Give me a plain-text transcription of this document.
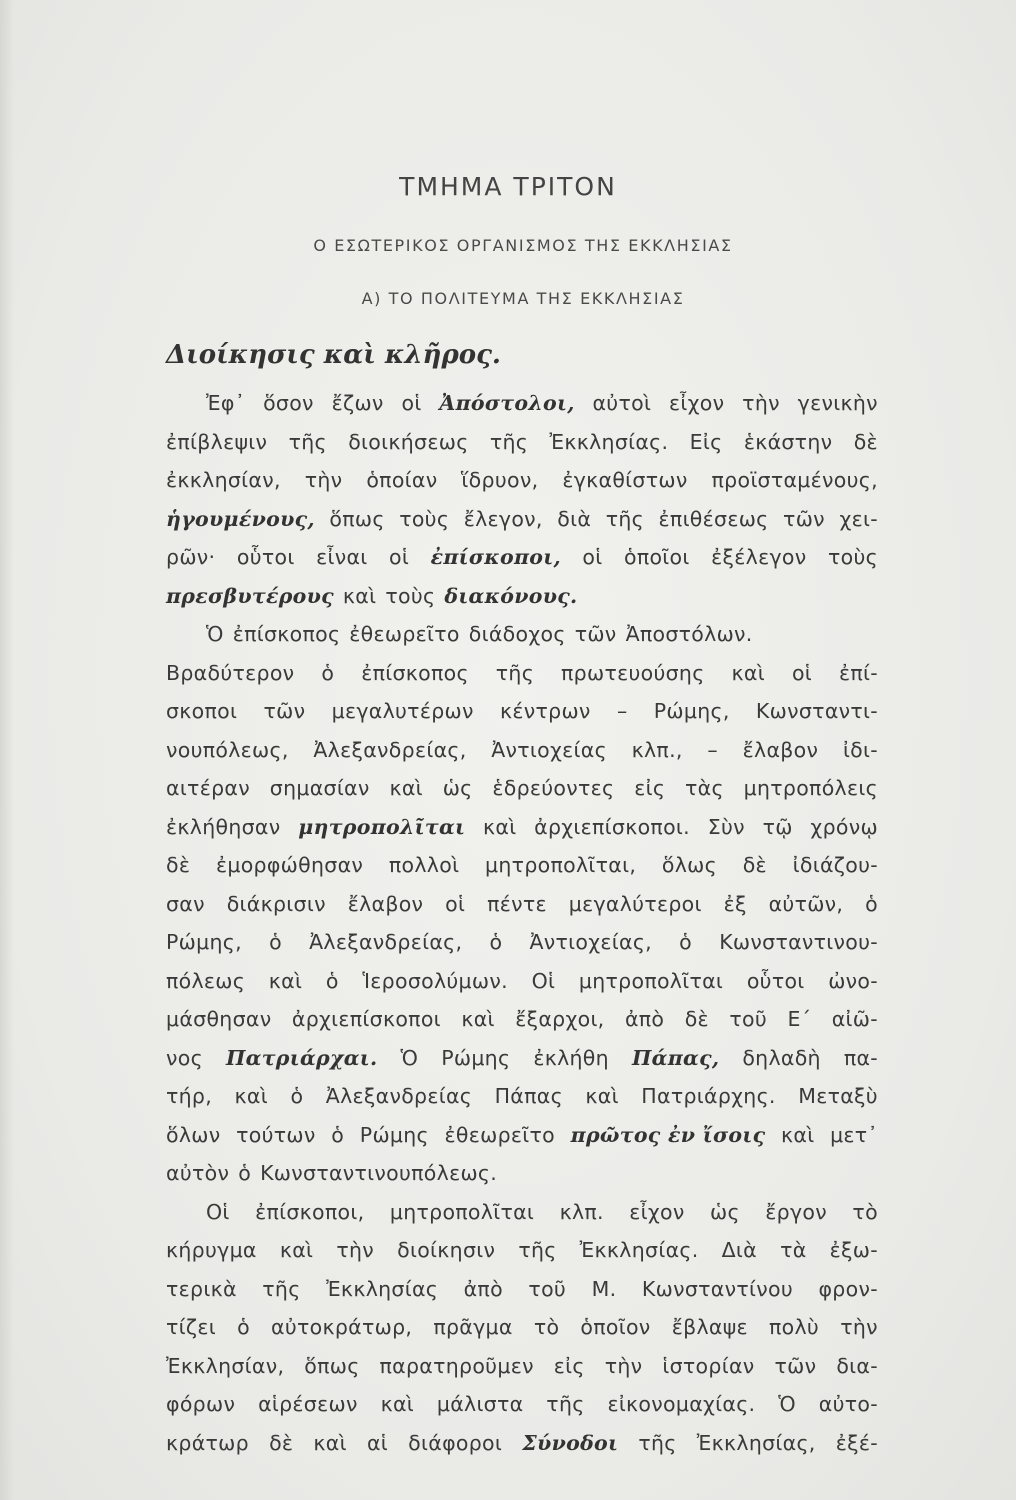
ΤΜΗΜΑ ΤΡΙΤΟΝ
Ο ΕΣΩΤΕΡΙΚΟΣ ΟΡΓΑΝΙΣΜΟΣ ΤΗΣ ΕΚΚΛΗΣΙΑΣ
Α) ΤΟ ΠΟΛΙΤΕΥΜΑ ΤΗΣ ΕΚΚΛΗΣΙΑΣ
Διοίκησις καὶ κλῆρος.
Ἐφ᾽ ὅσον ἔζων οἱ Ἀπόστολοι, αὐτοὶ εἶχον τὴν γενικὴν
ἐπίβλεψιν τῆς διοικήσεως τῆς Ἐκκλησίας. Εἰς ἑκάστην δὲ
ἐκκλησίαν, τὴν ὁποίαν ἵδρυον, ἐγκαθίστων προϊσταμένους,
ἡγουμένους, ὅπως τοὺς ἔλεγον, διὰ τῆς ἐπιθέσεως τῶν χει-
ρῶν· οὗτοι εἶναι οἱ ἐπίσκοποι, οἱ ὁποῖοι ἐξέλεγον τοὺς
πρεσβυτέρους καὶ τοὺς διακόνους.
Ὁ ἐπίσκοπος ἐθεωρεῖτο διάδοχος τῶν Ἀποστόλων.
Βραδύτερον ὁ ἐπίσκοπος τῆς πρωτευούσης καὶ οἱ ἐπί-
σκοποι τῶν μεγαλυτέρων κέντρων – Ρώμης, Κωνσταντι-
νουπόλεως, Ἀλεξανδρείας, Ἀντιοχείας κλπ., – ἔλαβον ἰδι-
αιτέραν σημασίαν καὶ ὡς ἑδρεύοντες εἰς τὰς μητροπόλεις
ἐκλήθησαν μητροπολῖται καὶ ἀρχιεπίσκοποι. Σὺν τῷ χρόνῳ
δὲ ἐμορφώθησαν πολλοὶ μητροπολῖται, ὅλως δὲ ἰδιάζου-
σαν διάκρισιν ἔλαβον οἱ πέντε μεγαλύτεροι ἐξ αὐτῶν, ὁ
Ρώμης, ὁ Ἀλεξανδρείας, ὁ Ἀντιοχείας, ὁ Κωνσταντινου-
πόλεως καὶ ὁ Ἱεροσολύμων. Οἱ μητροπολῖται οὗτοι ὠνο-
μάσθησαν ἀρχιεπίσκοποι καὶ ἔξαρχοι, ἀπὸ δὲ τοῦ Ε΄ αἰῶ-
νος Πατριάρχαι. Ὁ Ρώμης ἐκλήθη Πάπας, δηλαδὴ πα-
τήρ, καὶ ὁ Ἀλεξανδρείας Πάπας καὶ Πατριάρχης. Μεταξὺ
ὅλων τούτων ὁ Ρώμης ἐθεωρεῖτο πρῶτος ἐν ἴσοις καὶ μετ᾽
αὐτὸν ὁ Κωνσταντινουπόλεως.
Οἱ ἐπίσκοποι, μητροπολῖται κλπ. εἶχον ὡς ἔργον τὸ
κήρυγμα καὶ τὴν διοίκησιν τῆς Ἐκκλησίας. Διὰ τὰ ἐξω-
τερικὰ τῆς Ἐκκλησίας ἀπὸ τοῦ Μ. Κωνσταντίνου φρον-
τίζει ὁ αὐτοκράτωρ, πρᾶγμα τὸ ὁποῖον ἔβλαψε πολὺ τὴν
Ἐκκλησίαν, ὅπως παρατηροῦμεν εἰς τὴν ἱστορίαν τῶν δια-
φόρων αἱρέσεων καὶ μάλιστα τῆς εἰκονομαχίας. Ὁ αὐτο-
κράτωρ δὲ καὶ αἱ διάφοροι Σύνοδοι τῆς Ἐκκλησίας, ἐξέ-
